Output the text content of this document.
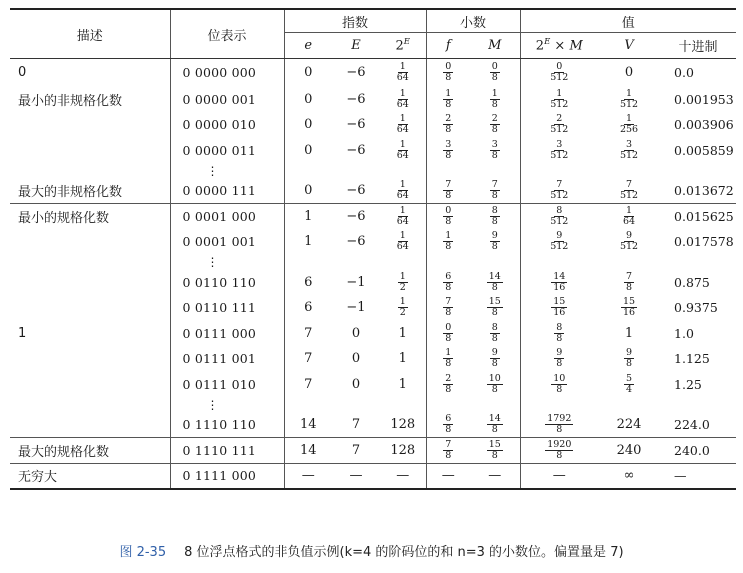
描述	位表示	指数			小数		值		
		e	E	$2^E$	f	M	$2^E \times M$	V	十进制
0	0 0000 000	0	−6	$\frac{1}{64}$	$\frac{0}{8}$	$\frac{0}{8}$	$\frac{0}{512}$	0	0.0
最小的非规格化数	0 0000 001	0	−6	$\frac{1}{64}$	$\frac{1}{8}$	$\frac{1}{8}$	$\frac{1}{512}$	$\frac{1}{512}$	0.001953
	0 0000 010	0	−6	$\frac{1}{64}$	$\frac{2}{8}$	$\frac{2}{8}$	$\frac{2}{512}$	$\frac{1}{256}$	0.003906
	0 0000 011	0	−6	$\frac{1}{64}$	$\frac{3}{8}$	$\frac{3}{8}$	$\frac{3}{512}$	$\frac{3}{512}$	0.005859
	⋮								
最大的非规格化数	0 0000 111	0	−6	$\frac{1}{64}$	$\frac{7}{8}$	$\frac{7}{8}$	$\frac{7}{512}$	$\frac{7}{512}$	0.013672
最小的规格化数	0 0001 000	1	−6	$\frac{1}{64}$	$\frac{0}{8}$	$\frac{8}{8}$	$\frac{8}{512}$	$\frac{1}{64}$	0.015625
	0 0001 001	1	−6	$\frac{1}{64}$	$\frac{1}{8}$	$\frac{9}{8}$	$\frac{9}{512}$	$\frac{9}{512}$	0.017578
	⋮								
	0 0110 110	6	−1	$\frac{1}{2}$	$\frac{6}{8}$	$\frac{14}{8}$	$\frac{14}{16}$	$\frac{7}{8}$	0.875
	0 0110 111	6	−1	$\frac{1}{2}$	$\frac{7}{8}$	$\frac{15}{8}$	$\frac{15}{16}$	$\frac{15}{16}$	0.9375
1	0 0111 000	7	0	1	$\frac{0}{8}$	$\frac{8}{8}$	$\frac{8}{8}$	1	1.0
	0 0111 001	7	0	1	$\frac{1}{8}$	$\frac{9}{8}$	$\frac{9}{8}$	$\frac{9}{8}$	1.125
	0 0111 010	7	0	1	$\frac{2}{8}$	$\frac{10}{8}$	$\frac{10}{8}$	$\frac{5}{4}$	1.25
	⋮								
	0 1110 110	14	7	128	$\frac{6}{8}$	$\frac{14}{8}$	$\frac{1792}{8}$	224	224.0
最大的规格化数	0 1110 111	14	7	128	$\frac{7}{8}$	$\frac{15}{8}$	$\frac{1920}{8}$	240	240.0
无穷大	0 1111 000	—	—	—	—	—	—	∞	—
图 2-35 8 位浮点格式的非负值示例(k=4 的阶码位的和 n=3 的小数位。偏置量是 7)
